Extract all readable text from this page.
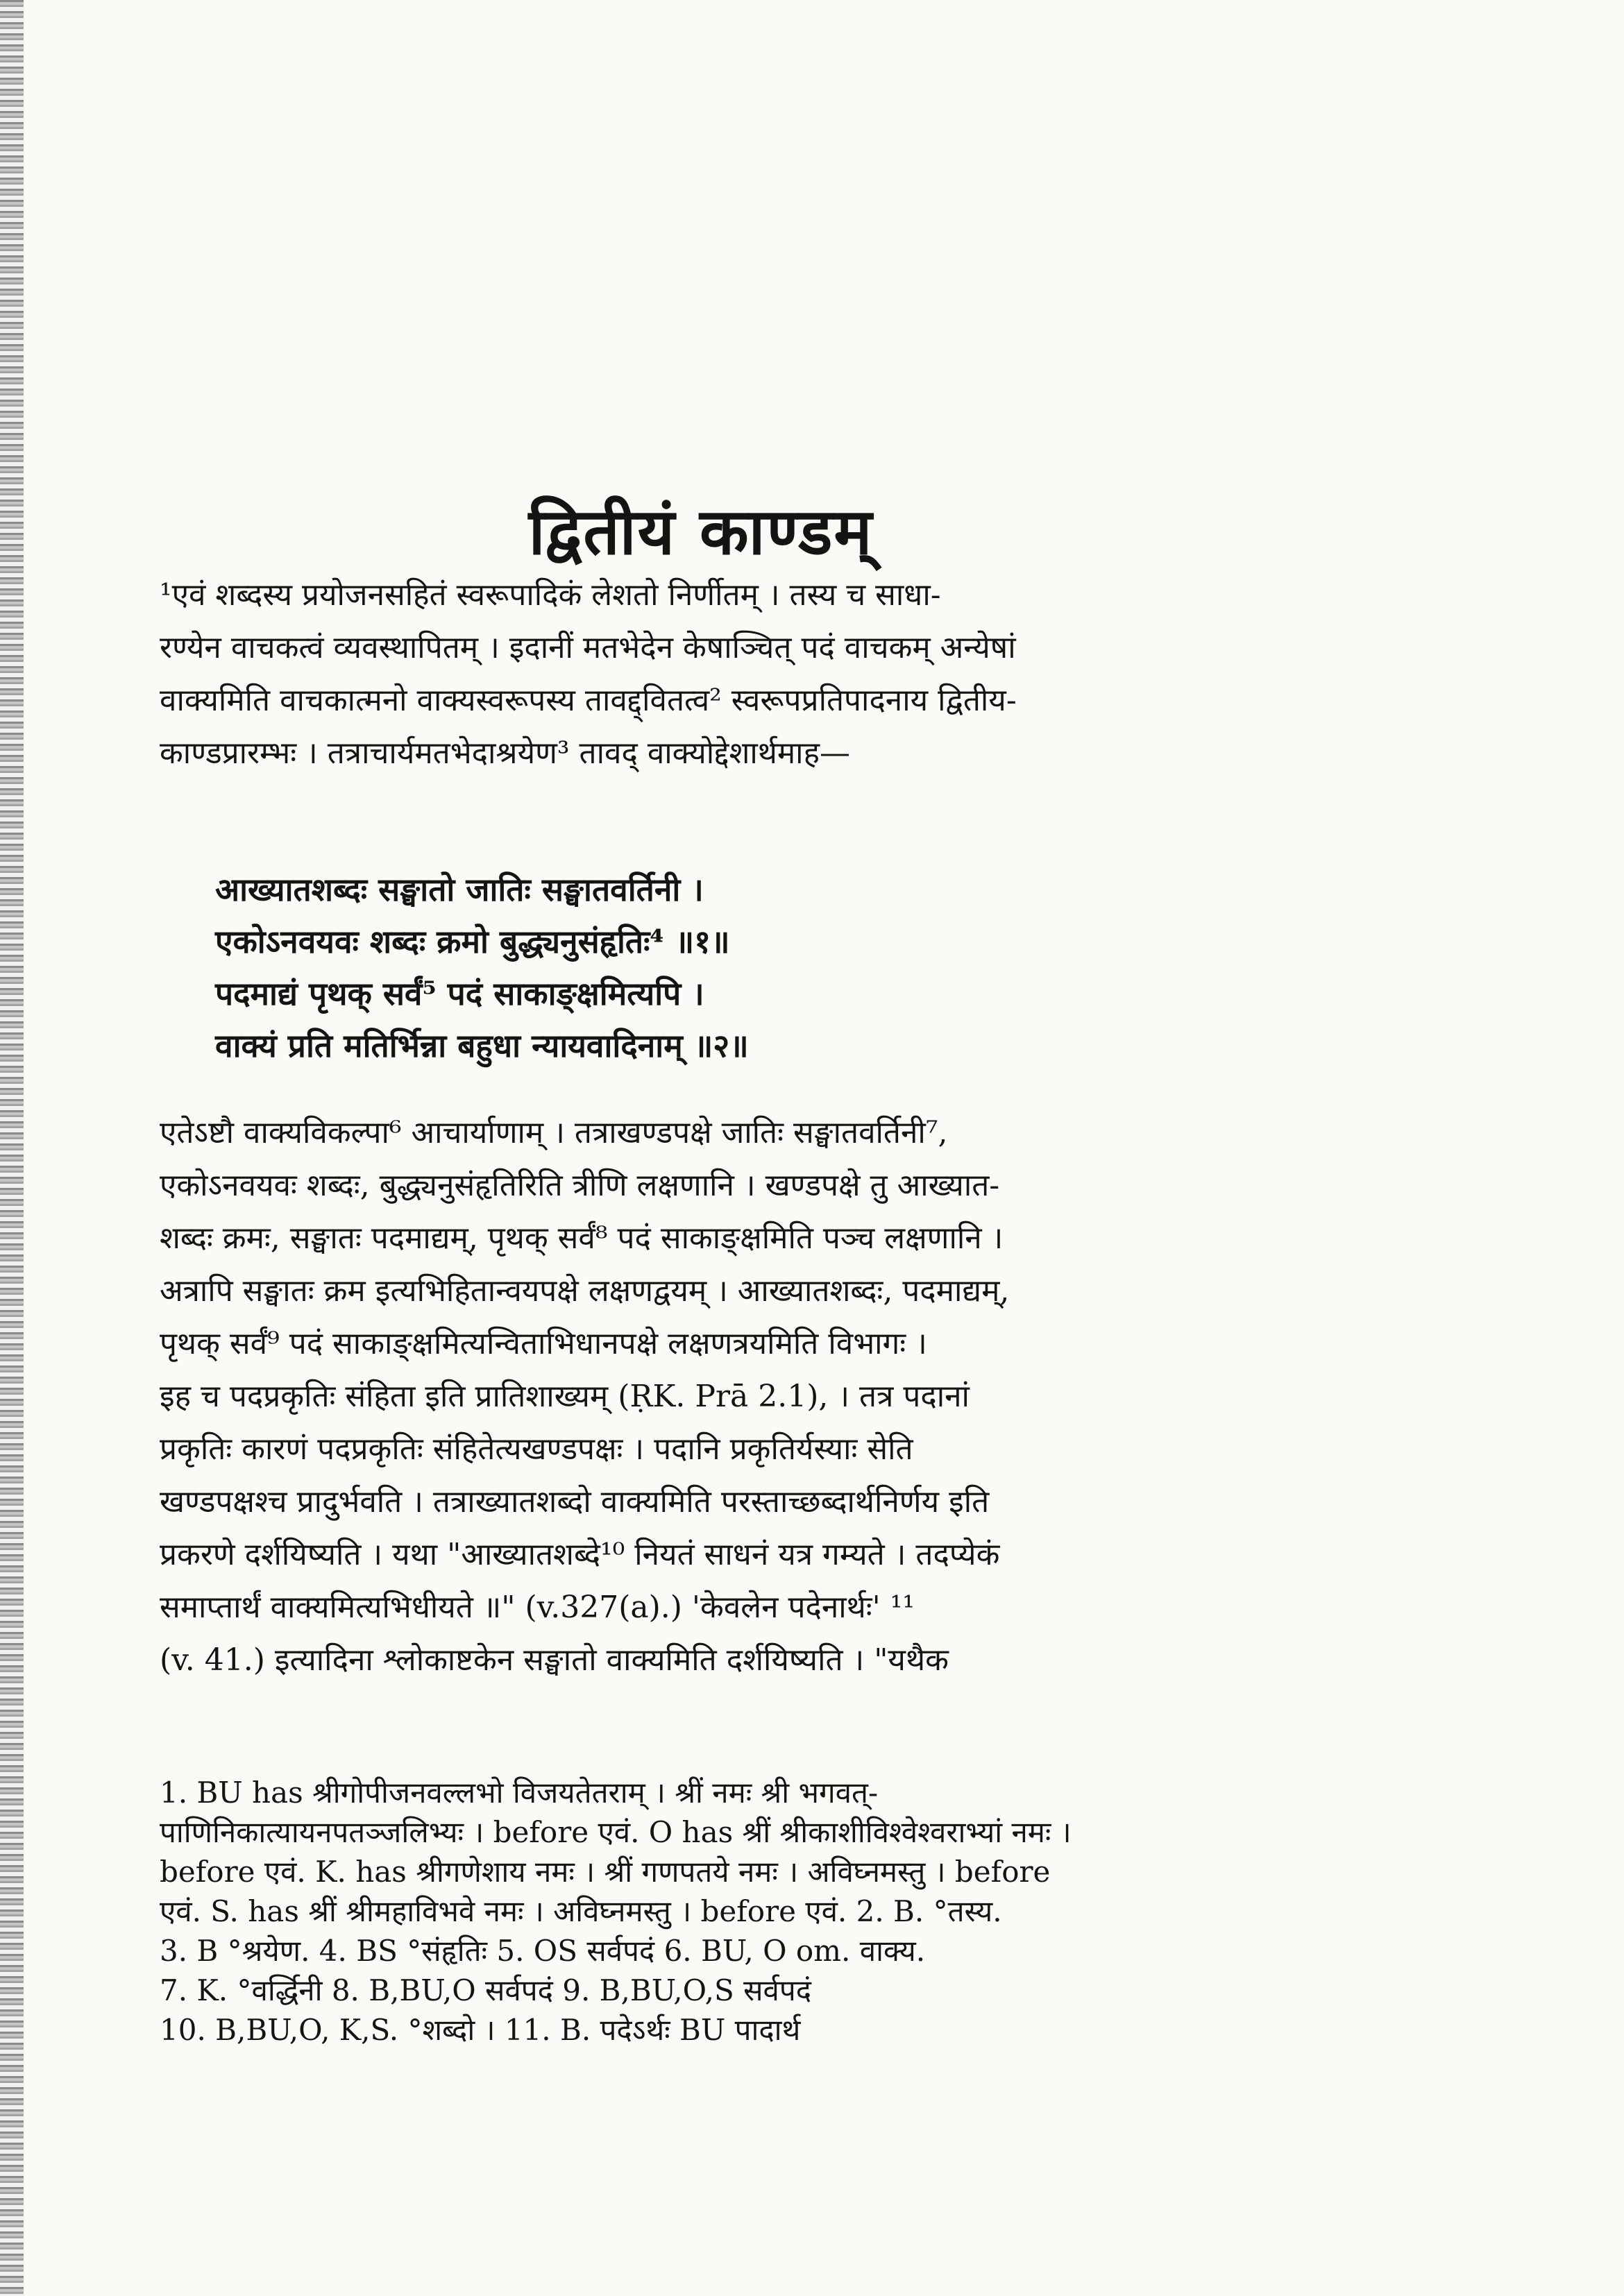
द्वितीयं काण्डम्
¹एवं शब्दस्य प्रयोजनसहितं स्वरूपादिकं लेशतो निर्णीतम् । तस्य च साधा-
रण्येन वाचकत्वं व्यवस्थापितम् । इदानीं मतभेदेन केषाञ्चित् पदं वाचकम् अन्येषां
वाक्यमिति वाचकात्मनो वाक्यस्वरूपस्य तावद्द्वितत्व² स्वरूपप्रतिपादनाय द्वितीय-
काण्डप्रारम्भः । तत्राचार्यमतभेदाश्रयेण³ तावद् वाक्योद्देशार्थमाह—
आख्यातशब्दः सङ्घातो जातिः सङ्घातवर्तिनी ।
एकोऽनवयवः शब्दः क्रमो बुद्ध्यनुसंहृतिः⁴ ॥१॥
पदमाद्यं पृथक् सर्वं⁵ पदं साकाङ्क्षमित्यपि ।
वाक्यं प्रति मतिर्भिन्ना बहुधा न्यायवादिनाम् ॥२॥
एतेऽष्टौ वाक्यविकल्पा⁶ आचार्याणाम् । तत्राखण्डपक्षे जातिः सङ्घातवर्तिनी⁷,
एकोऽनवयवः शब्दः, बुद्ध्यनुसंहृतिरिति त्रीणि लक्षणानि । खण्डपक्षे तु आख्यात-
शब्दः क्रमः, सङ्घातः पदमाद्यम्, पृथक् सर्वं⁸ पदं साकाङ्क्षमिति पञ्च लक्षणानि ।
अत्रापि सङ्घातः क्रम इत्यभिहितान्वयपक्षे लक्षणद्वयम् । आख्यातशब्दः, पदमाद्यम्,
पृथक् सर्वं⁹ पदं साकाङ्क्षमित्यन्विताभिधानपक्षे लक्षणत्रयमिति विभागः ।
इह च पदप्रकृतिः संहिता इति प्रातिशाख्यम् (ṚK. Prā 2.1), । तत्र पदानां
प्रकृतिः कारणं पदप्रकृतिः संहितेत्यखण्डपक्षः । पदानि प्रकृतिर्यस्याः सेति
खण्डपक्षश्च प्रादुर्भवति । तत्राख्यातशब्दो वाक्यमिति परस्ताच्छब्दार्थनिर्णय इति
प्रकरणे दर्शयिष्यति । यथा "आख्यातशब्दे¹⁰ नियतं साधनं यत्र गम्यते । तदप्येकं
समाप्तार्थं वाक्यमित्यभिधीयते ॥" (v.327(a).) 'केवलेन पदेनार्थः' ¹¹
(v. 41.) इत्यादिना श्लोकाष्टकेन सङ्घातो वाक्यमिति दर्शयिष्यति । "यथैक
1. BU has श्रीगोपीजनवल्लभो विजयतेतराम् । श्रीं नमः श्री भगवत्-
पाणिनिकात्यायनपतञ्जलिभ्यः । before एवं. O has श्रीं श्रीकाशीविश्वेश्वराभ्यां नमः ।
before एवं. K. has श्रीगणेशाय नमः । श्रीं गणपतये नमः । अविघ्नमस्तु । before
एवं. S. has श्रीं श्रीमहाविभवे नमः । अविघ्नमस्तु । before एवं. 2. B. °तस्य.
3. B °श्रयेण. 4. BS °संहृतिः 5. OS सर्वपदं 6. BU, O om. वाक्य.
7. K. °वर्द्धिनी 8. B,BU,O सर्वपदं 9. B,BU,O,S सर्वपदं
10. B,BU,O, K,S. °शब्दो । 11. B. पदेऽर्थः BU पादार्थ
